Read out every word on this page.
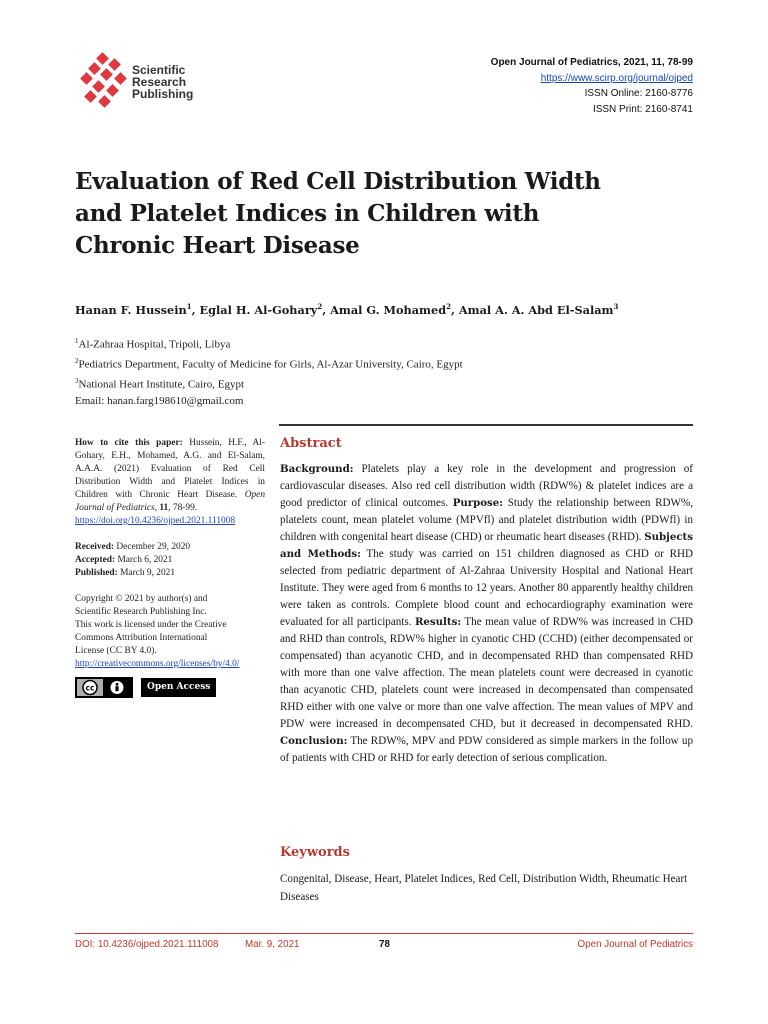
Scientific
Research
Publishing
Open Journal of Pediatrics, 2021, 11, 78-99
https://www.scirp.org/journal/ojped
ISSN Online: 2160-8776
ISSN Print: 2160-8741
Evaluation of Red Cell Distribution Width
and Platelet Indices in Children with
Chronic Heart Disease
Hanan F. Hussein$^1$, Eglal H. Al-Gohary$^2$, Amal G. Mohamed$^2$, Amal A. A. Abd El-Salam$^3$
$^1$Al-Zahraa Hospital, Tripoli, Libya
$^2$Pediatrics Department, Faculty of Medicine for Girls, Al-Azar University, Cairo, Egypt
$^3$National Heart Institute, Cairo, Egypt
Email: hanan.farg198610@gmail.com

How to cite this paper: Hussein, H.F., Al-Gohary, E.H., Mohamed, A.G. and El-Salam, A.A.A. (2021) Evaluation of Red Cell Distribution Width and Platelet Indices in Children with Chronic Heart Disease. Open Journal of Pediatrics, 11, 78-99.
https://doi.org/10.4236/ojped.2021.111008

Received: December 29, 2020

Accepted: March 6, 2021

Published: March 9, 2021

Copyright © 2021 by author(s) and

Scientific Research Publishing Inc.

This work is licensed under the Creative

Commons Attribution International

License (CC BY 4.0).

http://creativecommons.org/licenses/by/4.0/

cc	Open Access
Abstract

Background: Platelets play a key role in the development and progression of cardiovascular diseases. Also red cell distribution width (RDW%) & platelet indices are a good predictor of clinical outcomes. Purpose: Study the relationship between RDW%, platelets count, mean platelet volume (MPVfl) and platelet distribution width (PDWfl) in children with congenital heart disease (CHD) or rheumatic heart diseases (RHD). Subjects and Methods: The study was carried on 151 children diagnosed as CHD or RHD selected from pediatric department of Al-Zahraa University Hospital and National Heart Institute. They were aged from 6 months to 12 years. Another 80 apparently healthy children were taken as controls. Complete blood count and echocardiography examination were evaluated for all participants. Results: The mean value of RDW% was increased in CHD and RHD than controls, RDW% higher in cyanotic CHD (CCHD) (either decompensated or compensated) than acyanotic CHD, and in decompensated RHD than compensated RHD with more than one valve affection. The mean platelets count were decreased in cyanotic than acyanotic CHD, platelets count were increased in decompensated than compensated RHD either with one valve or more than one valve affection. The mean values of MPV and PDW were increased in decompensated CHD, but it decreased in decompensated RHD. Conclusion: The RDW%, MPV and PDW considered as simple markers in the follow up of patients with CHD or RHD for early detection of serious complication.

Keywords
Congenital, Disease, Heart, Platelet Indices, Red Cell, Distribution Width, Rheumatic Heart Diseases
DOI: 10.4236/ojped.2021.111008	Mar. 9, 2021	78	Open Journal of Pediatrics
